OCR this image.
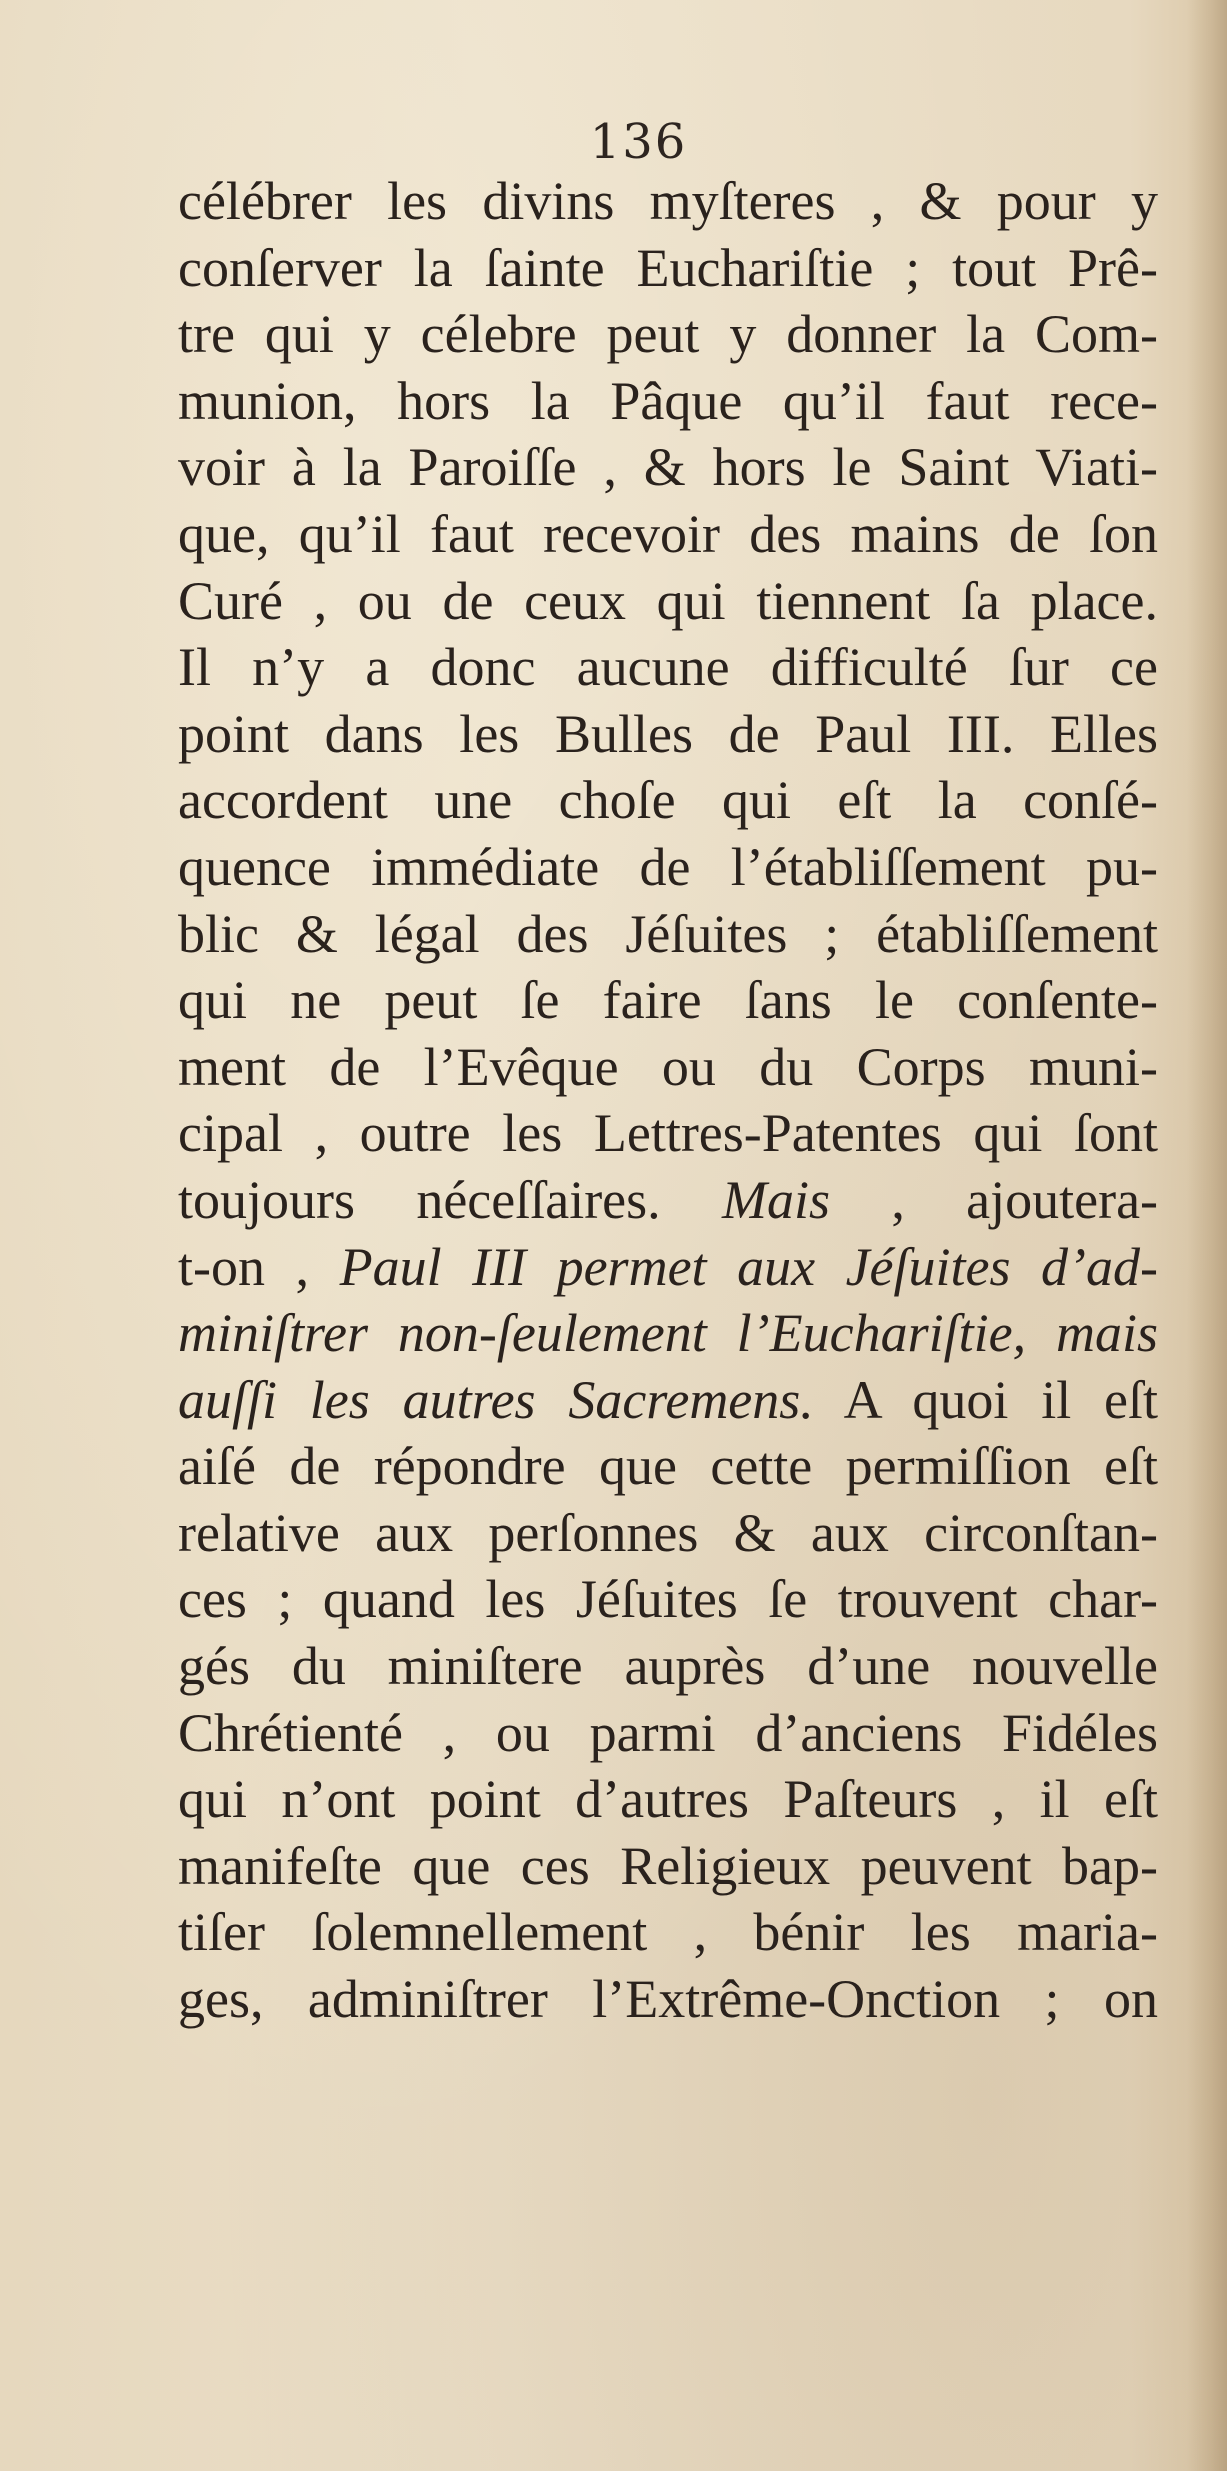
136
célébrer les divins myſteres , & pour y
conſerver la ſainte Euchariſtie ; tout Prê-
tre qui y célebre peut y donner la Com-
munion, hors la Pâque qu’il faut rece-
voir à la Paroiſſe , & hors le Saint Viati-
que, qu’il faut recevoir des mains de ſon
Curé , ou de ceux qui tiennent ſa place.
Il n’y a donc aucune difficulté ſur ce
point dans les Bulles de Paul III. Elles
accordent une choſe qui eſt la conſé-
quence immédiate de l’établiſſement pu-
blic & légal des Jéſuites ; établiſſement
qui ne peut ſe faire ſans le conſente-
ment de l’Evêque ou du Corps muni-
cipal , outre les Lettres-Patentes qui ſont
toujours néceſſaires. Mais , ajoutera-
t-on , Paul III permet aux Jéſuites d’ad-
miniſtrer non-ſeulement l’Euchariſtie, mais
auſſi les autres Sacremens. A quoi il eſt
aiſé de répondre que cette permiſſion eſt
relative aux perſonnes & aux circonſtan-
ces ; quand les Jéſuites ſe trouvent char-
gés du miniſtere auprès d’une nouvelle
Chrétienté , ou parmi d’anciens Fidéles
qui n’ont point d’autres Paſteurs , il eſt
manifeſte que ces Religieux peuvent bap-
tiſer ſolemnellement , bénir les maria-
ges, adminiſtrer l’Extrême-Onction ; on
